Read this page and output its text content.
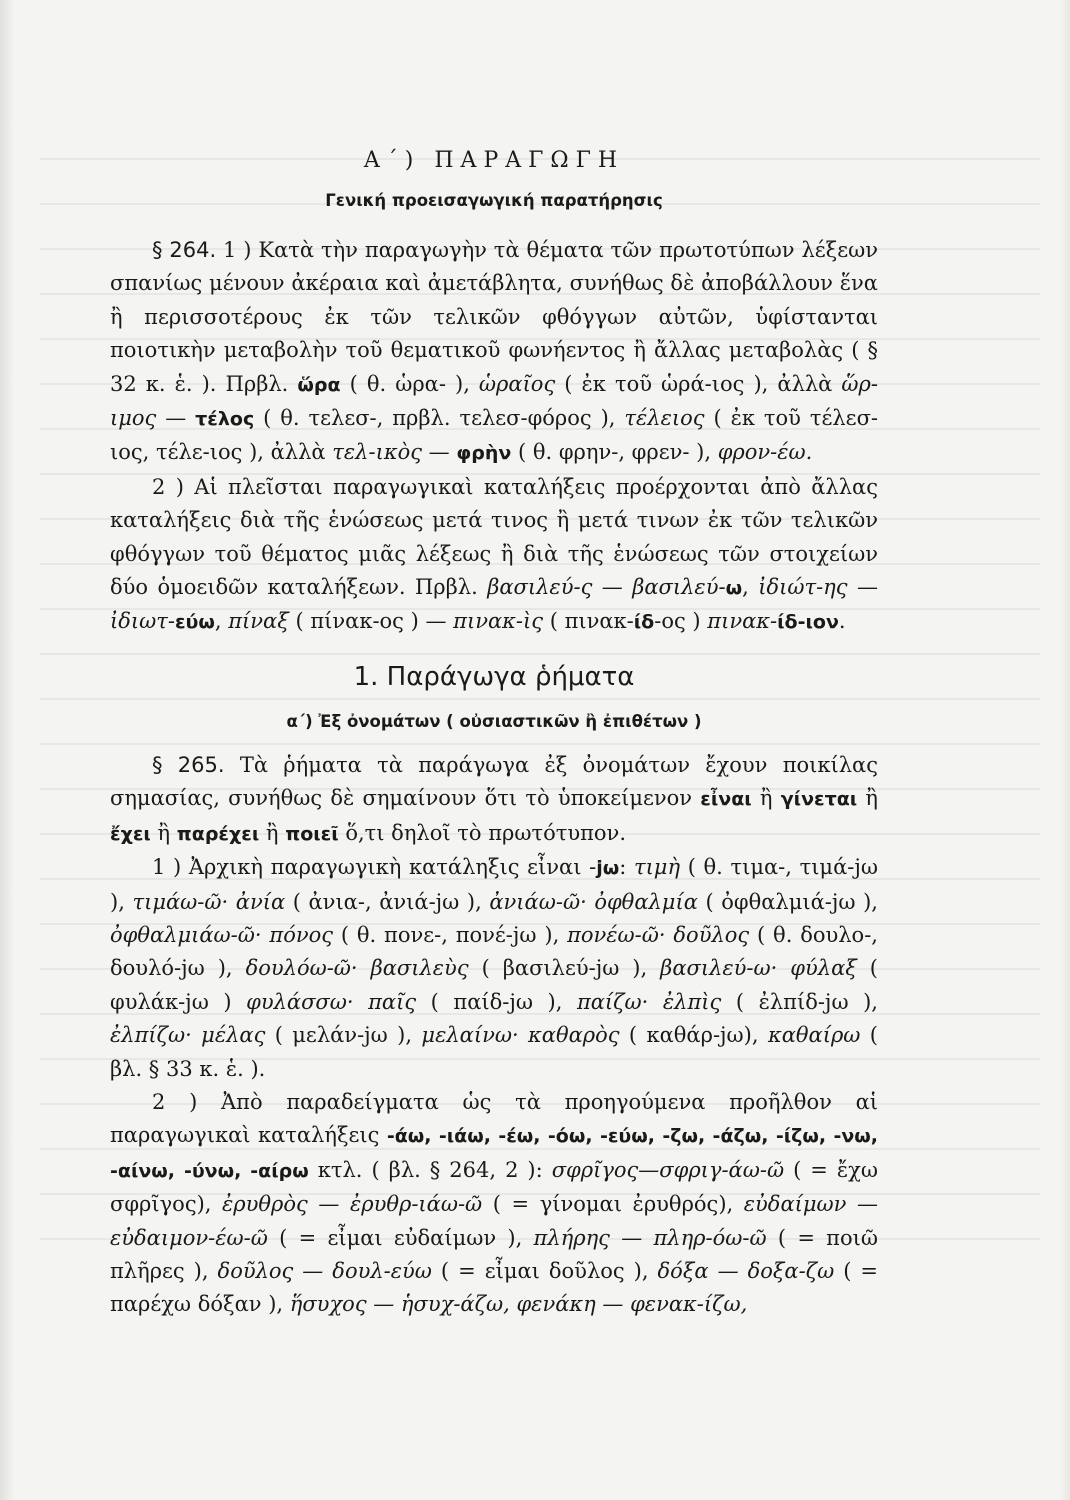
Α΄) ΠΑΡΑΓΩΓΗ
Γενική προεισαγωγική παρατήρησις

§ 264. 1 ) Κατὰ τὴν παραγωγὴν τὰ θέματα τῶν πρωτοτύπων λέξεων σπανίως μένουν ἀκέραια καὶ ἀμετάβλητα, συνήθως δὲ ἀποβάλλουν ἕνα ἢ περισσοτέρους ἐκ τῶν τελικῶν φθόγγων αὐτῶν, ὑφίστανται ποιοτικὴν μεταβολὴν τοῦ θεματικοῦ φωνήεντος ἢ ἄλλας μεταβολὰς ( § 32 κ. ἑ. ). Πρβλ. ὥρα ( θ. ὡρα- ), ὡραῖος ( ἐκ τοῦ ὡρά-ιος ), ἀλλὰ ὥρ-ιμος — τέλος ( θ. τελεσ-, πρβλ. τελεσ-φόρος ), τέλειος ( ἐκ τοῦ τέλεσ-ιος, τέλε-ιος ), ἀλλὰ τελ-ικὸς — φρὴν ( θ. φρην-, φρεν- ), φρον-έω.

2 ) Αἱ πλεῖσται παραγωγικαὶ καταλήξεις προέρχονται ἀπὸ ἄλλας καταλήξεις διὰ τῆς ἑνώσεως μετά τινος ἢ μετά τινων ἐκ τῶν τελικῶν φθόγγων τοῦ θέματος μιᾶς λέξεως ἢ διὰ τῆς ἑνώσεως τῶν στοιχείων δύο ὁμοειδῶν καταλήξεων. Πρβλ. βασιλεύ-ς — βασιλεύ-ω, ἰδιώτ-ης — ἰδιωτ-εύω, πίναξ ( πίνακ-ος ) — πινακ-ὶς ( πινακ-ίδ-ος ) πινακ-ίδ-ιον.

1. Παράγωγα ῥήματα
α΄) Ἐξ ὀνομάτων ( οὐσιαστικῶν ἢ ἐπιθέτων )

§ 265. Τὰ ῥήματα τὰ παράγωγα ἐξ ὀνομάτων ἔχουν ποικίλας σημασίας, συνήθως δὲ σημαίνουν ὅτι τὸ ὑποκείμενον εἶναι ἢ γίνεται ἢ ἔχει ἢ παρέχει ἢ ποιεῖ ὅ,τι δηλοῖ τὸ πρωτότυπον.

1 ) Ἀρχικὴ παραγωγικὴ κατάληξις εἶναι -jω: τιμὴ ( θ. τιμα-, τιμά-jω ), τιμάω-ῶ· ἀνία ( ἀνια-, ἀνιά-jω ), ἀνιάω-ῶ· ὀφθαλμία ( ὀφθαλμιά-jω ), ὀφθαλμιάω-ῶ· πόνος ( θ. πονε-, πονέ-jω ), πονέω-ῶ· δοῦλος ( θ. δουλο-, δουλό-jω ), δουλόω-ῶ· βασιλεὺς ( βασιλεύ-jω ), βασιλεύ-ω· φύλαξ ( φυλάκ-jω ) φυλάσσω· παῖς ( παίδ-jω ), παίζω· ἐλπὶς ( ἐλπίδ-jω ), ἐλπίζω· μέλας ( μελάν-jω ), μελαίνω· καθαρὸς ( καθάρ-jω), καθαίρω ( βλ. § 33 κ. ἑ. ).

2 ) Ἀπὸ παραδείγματα ὡς τὰ προηγούμενα προῆλθον αἱ παραγωγικαὶ καταλήξεις -άω, -ιάω, -έω, -όω, -εύω, -ζω, -άζω, -ίζω, -νω, -αίνω, -ύνω, -αίρω κτλ. ( βλ. § 264, 2 ): σφρῖγος—σφριγ-άω-ῶ ( = ἔχω σφρῖγος), ἐρυθρὸς — ἐρυθρ-ιάω-ῶ ( = γίνομαι ἐρυθρός), εὐδαίμων — εὐδαιμον-έω-ῶ ( = εἶμαι εὐδαίμων ), πλήρης — πληρ-όω-ῶ ( = ποιῶ πλῆρες ), δοῦλος — δουλ-εύω ( = εἶμαι δοῦλος ), δόξα — δοξα-ζω ( = παρέχω δόξαν ), ἥσυχος — ἡσυχ-άζω, φενάκη — φενακ-ίζω,
